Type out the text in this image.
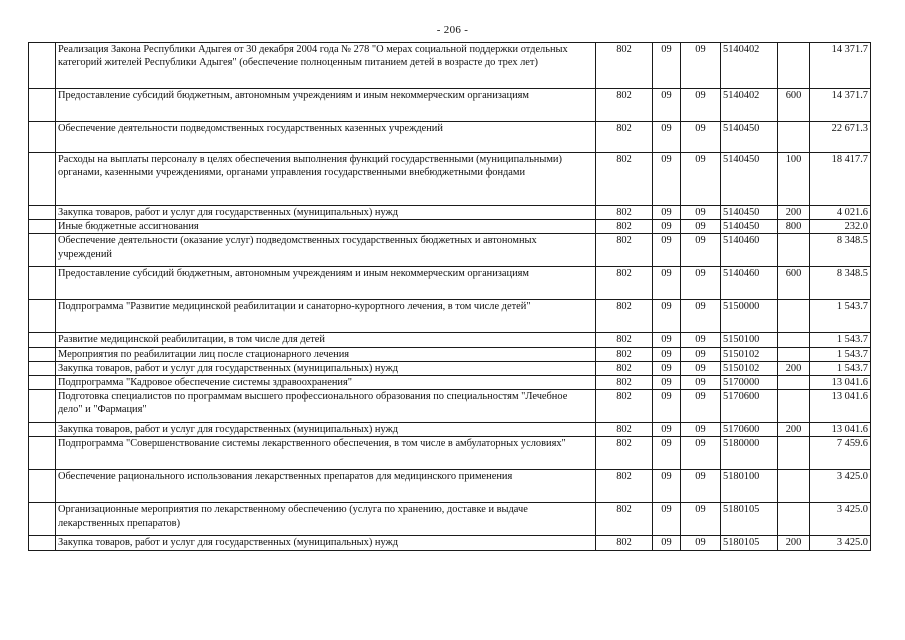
- 206 -
	Реализация Закона Республики Адыгея от 30 декабря 2004 года № 278 "О мерах социальной поддержки отдельных категорий жителей Республики Адыгея" (обеспечение полноценным питанием детей в возрасте до трех лет)	802	09	09	5140402		14 371.7
	Предоставление субсидий бюджетным, автономным учреждениям и иным некоммерческим организациям	802	09	09	5140402	600	14 371.7
	Обеспечение деятельности подведомственных государственных казенных учреждений	802	09	09	5140450		22 671.3
	Расходы на выплаты персоналу в целях обеспечения выполнения функций государственными (муниципальными) органами, казенными учреждениями, органами управления государственными внебюджетными фондами	802	09	09	5140450	100	18 417.7
	Закупка товаров, работ и услуг для государственных (муниципальных) нужд	802	09	09	5140450	200	4 021.6
	Иные бюджетные ассигнования	802	09	09	5140450	800	232.0
	Обеспечение деятельности (оказание услуг) подведомственных государственных бюджетных и автономных учреждений	802	09	09	5140460		8 348.5
	Предоставление субсидий бюджетным, автономным учреждениям и иным некоммерческим организациям	802	09	09	5140460	600	8 348.5
	Подпрограмма "Развитие медицинской реабилитации и санаторно-курортного лечения, в том числе детей"	802	09	09	5150000		1 543.7
	Развитие медицинской реабилитации, в том числе для детей	802	09	09	5150100		1 543.7
	Мероприятия по реабилитации лиц после стационарного лечения	802	09	09	5150102		1 543.7
	Закупка товаров, работ и услуг для государственных (муниципальных) нужд	802	09	09	5150102	200	1 543.7
	Подпрограмма "Кадровое обеспечение системы здравоохранения"	802	09	09	5170000		13 041.6
	Подготовка специалистов по программам высшего профессионального образования по специальностям "Лечебное дело" и "Фармация"	802	09	09	5170600		13 041.6
	Закупка товаров, работ и услуг для государственных (муниципальных) нужд	802	09	09	5170600	200	13 041.6
	Подпрограмма "Совершенствование системы лекарственного обеспечения, в том числе в амбулаторных условиях"	802	09	09	5180000		7 459.6
	Обеспечение рационального использования лекарственных препаратов для медицинского применения	802	09	09	5180100		3 425.0
	Организационные мероприятия по лекарственному обеспечению (услуга по хранению, доставке и выдаче лекарственных препаратов)	802	09	09	5180105		3 425.0
	Закупка товаров, работ и услуг для государственных (муниципальных) нужд	802	09	09	5180105	200	3 425.0
